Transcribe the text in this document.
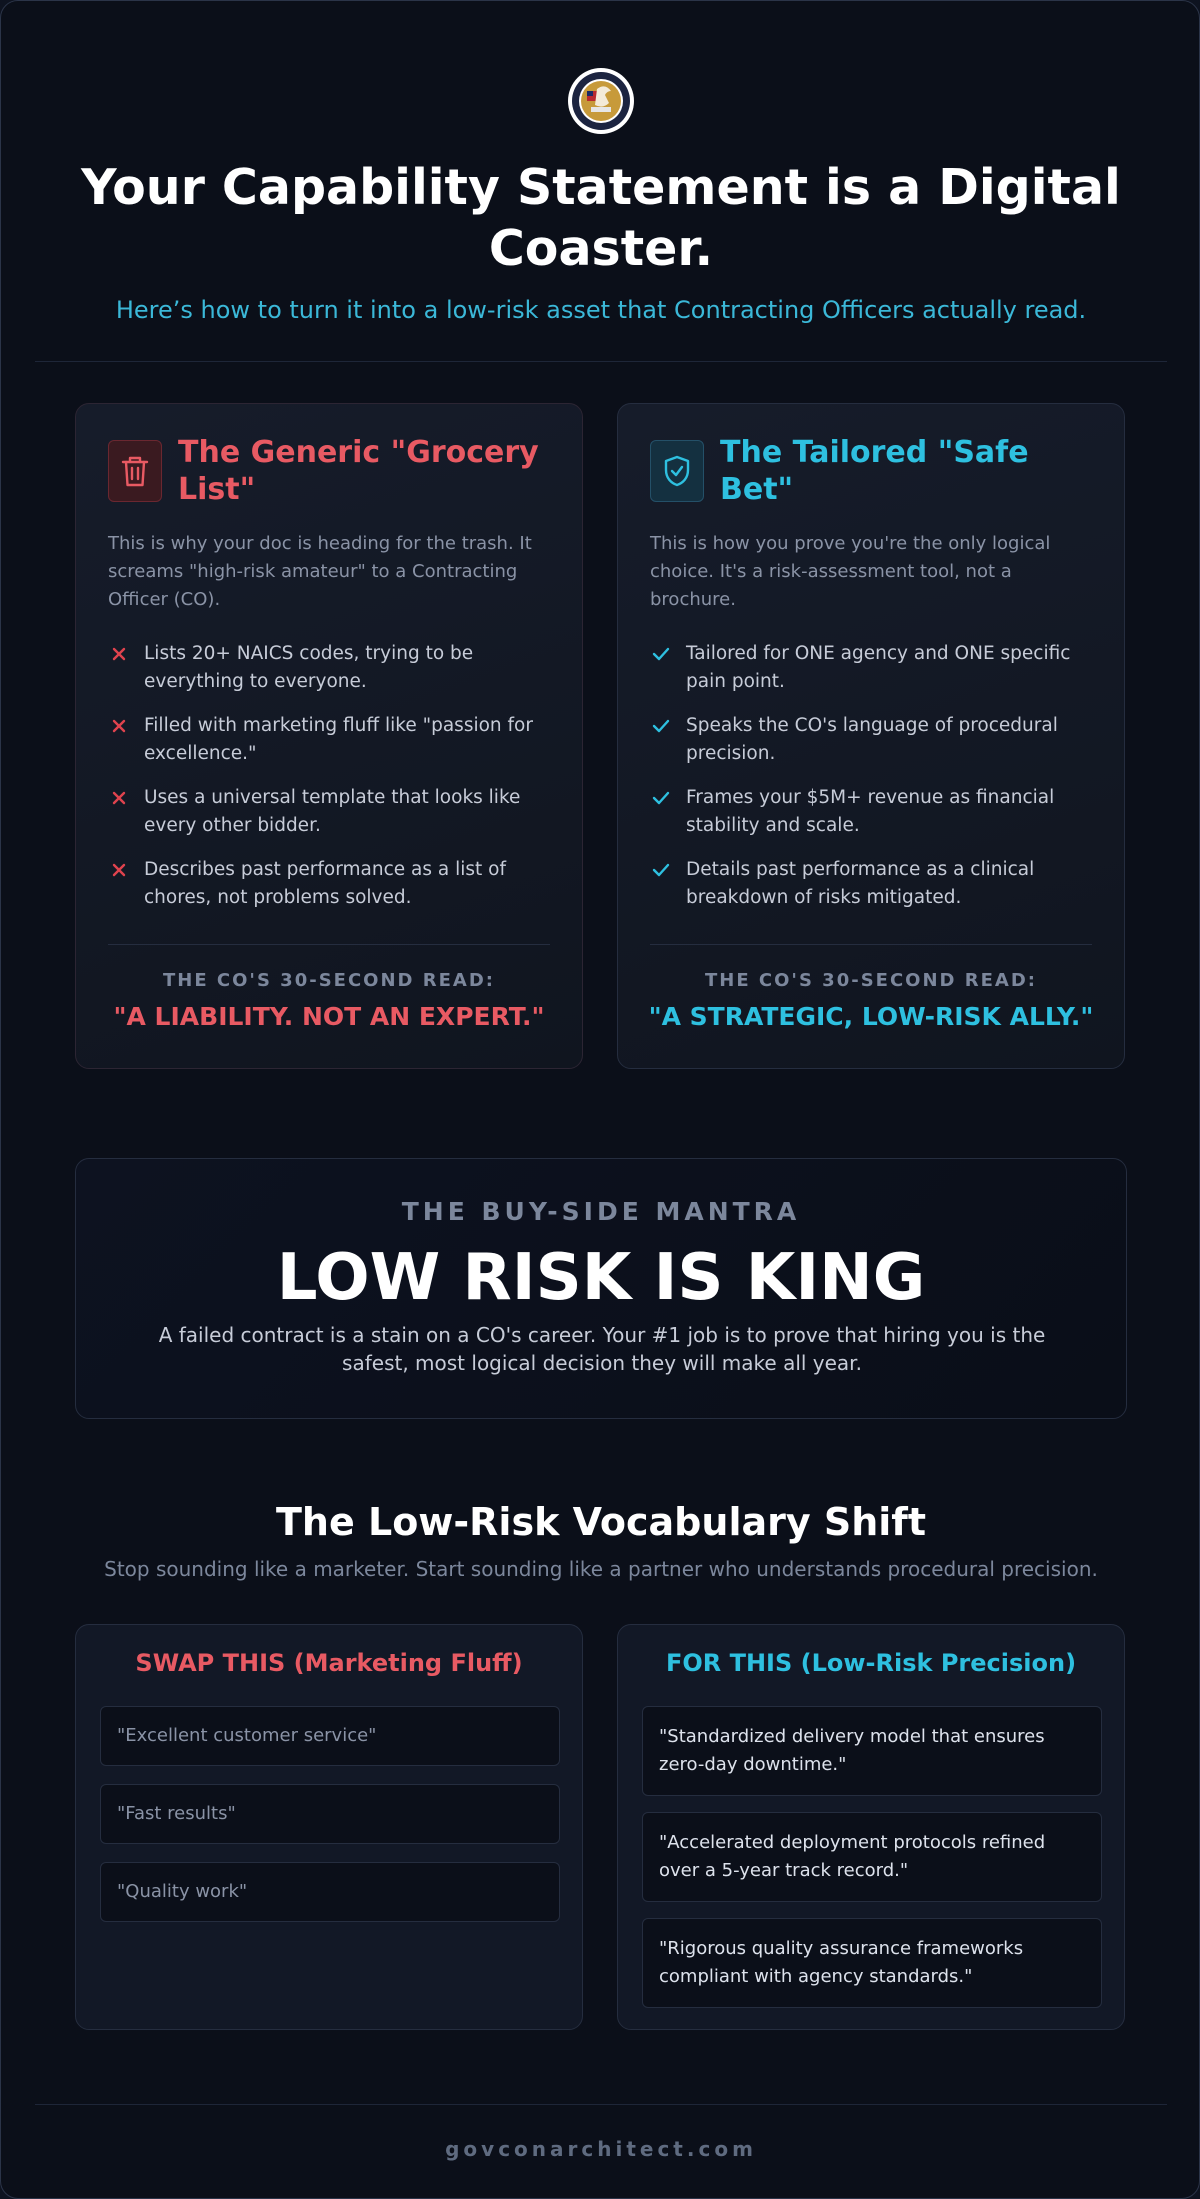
Your Capability Statement is a Digital Coaster.
Here’s how to turn it into a low-risk asset that Contracting Officers actually read.
The Generic "Grocery List"
This is why your doc is heading for the trash. It screams "high-risk amateur" to a Contracting Officer (CO).
Lists 20+ NAICS codes, trying to be everything to everyone.
Filled with marketing fluff like "passion for excellence."
Uses a universal template that looks like every other bidder.
Describes past performance as a list of chores, not problems solved.
THE CO'S 30-SECOND READ:
"A LIABILITY. NOT AN EXPERT."
The Tailored "Safe Bet"
This is how you prove you're the only logical choice. It's a risk-assessment tool, not a brochure.
Tailored for ONE agency and ONE specific pain point.
Speaks the CO's language of procedural precision.
Frames your $5M+ revenue as financial stability and scale.
Details past performance as a clinical breakdown of risks mitigated.
THE CO'S 30-SECOND READ:
"A STRATEGIC, LOW-RISK ALLY."
THE BUY-SIDE MANTRA
LOW RISK IS KING
A failed contract is a stain on a CO's career. Your #1 job is to prove that hiring you is the safest, most logical decision they will make all year.
The Low-Risk Vocabulary Shift
Stop sounding like a marketer. Start sounding like a partner who understands procedural precision.
SWAP THIS (Marketing Fluff)
"Excellent customer service"
"Fast results"
"Quality work"
FOR THIS (Low-Risk Precision)
"Standardized delivery model that ensures zero-day downtime."
"Accelerated deployment protocols refined over a 5-year track record."
"Rigorous quality assurance frameworks compliant with agency standards."
govconarchitect.com
